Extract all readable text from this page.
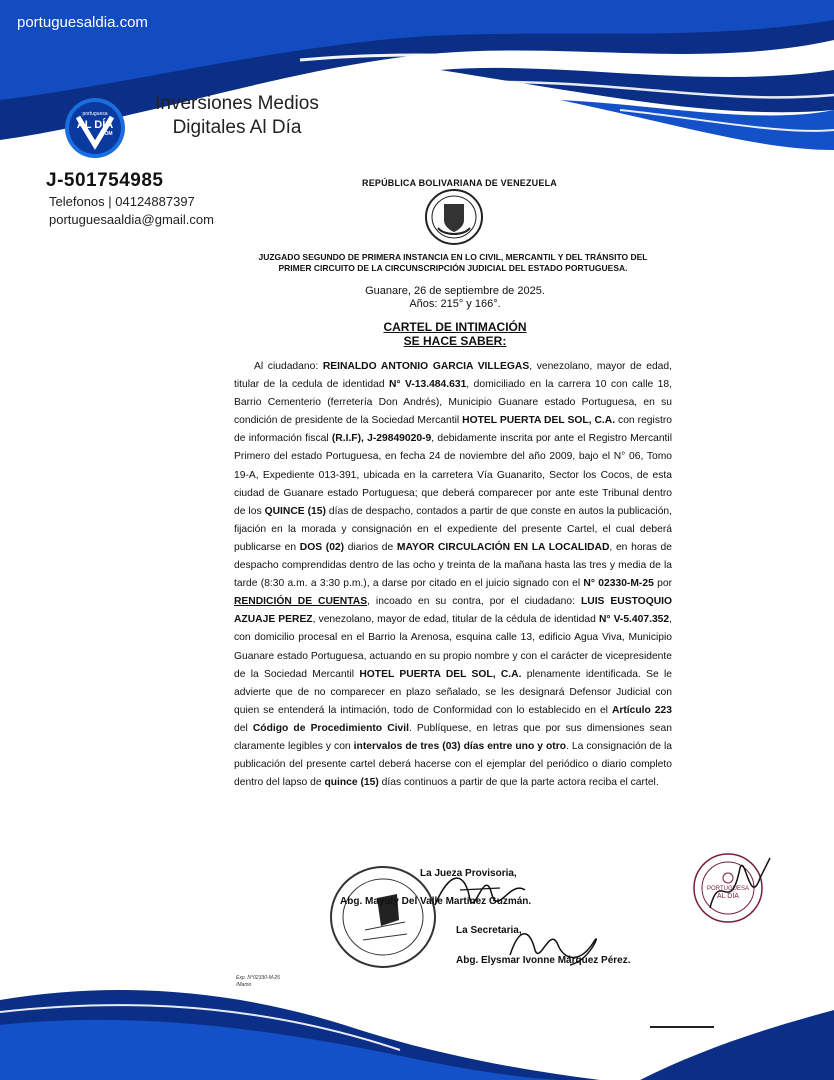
portuguesaldia.com
portuguesa
AL DÍA
.COM
Inversiones Medios
Digitales Al Día
J-501754985
Telefonos | 04124887397
portuguesaaldia@gmail.com
REPÚBLICA BOLIVARIANA DE VENEZUELA
JUZGADO SEGUNDO DE PRIMERA INSTANCIA EN LO CIVIL, MERCANTIL Y DEL TRÁNSITO DEL
PRIMER CIRCUITO DE LA CIRCUNSCRIPCIÓN JUDICIAL DEL ESTADO PORTUGUESA.
Guanare, 26 de septiembre de 2025.
Años: 215° y 166°.
CARTEL DE INTIMACIÓN
SE HACE SABER:
Al ciudadano: REINALDO ANTONIO GARCIA VILLEGAS, venezolano, mayor de edad, titular de la cedula de identidad N° V-13.484.631, domiciliado en la carrera 10 con calle 18, Barrio Cementerio (ferretería Don Andrés), Municipio Guanare estado Portuguesa, en su condición de presidente de la Sociedad Mercantil HOTEL PUERTA DEL SOL, C.A. con registro de información fiscal (R.I.F), J-29849020-9, debidamente inscrita por ante el Registro Mercantil Primero del estado Portuguesa, en fecha 24 de noviembre del año 2009, bajo el N° 06, Tomo 19-A, Expediente 013-391, ubicada en la carretera Vía Guanarito, Sector los Cocos, de esta ciudad de Guanare estado Portuguesa; que deberá comparecer por ante este Tribunal dentro de los QUINCE (15) días de despacho, contados a partir de que conste en autos la publicación, fijación en la morada y consignación en el expediente del presente Cartel, el cual deberá publicarse en DOS (02) diarios de MAYOR CIRCULACIÓN EN LA LOCALIDAD, en horas de despacho comprendidas dentro de las ocho y treinta de la mañana hasta las tres y media de la tarde (8:30 a.m. a 3:30 p.m.), a darse por citado en el juicio signado con el N° 02330-M-25 por RENDICIÓN DE CUENTAS, incoado en su contra, por el ciudadano: LUIS EUSTOQUIO AZUAJE PEREZ, venezolano, mayor de edad, titular de la cédula de identidad N° V-5.407.352, con domicilio procesal en el Barrio la Arenosa, esquina calle 13, edificio Agua Viva, Municipio Guanare estado Portuguesa, actuando en su propio nombre y con el carácter de vicepresidente de la Sociedad Mercantil HOTEL PUERTA DEL SOL, C.A. plenamente identificada. Se le advierte que de no comparecer en plazo señalado, se les designará Defensor Judicial con quien se entenderá la intimación, todo de Conformidad con lo establecido en el Artículo 223 del Código de Procedimiento Civil. Publíquese, en letras que por sus dimensiones sean claramente legibles y con intervalos de tres (03) días entre uno y otro. La consignación de la publicación del presente cartel deberá hacerse con el ejemplar del periódico o diario completo dentro del lapso de quince (15) días continuos a partir de que la parte actora reciba el cartel.
La Jueza Provisoria,
Abg. Mayuly Del Valle Martínez Guzmán.
La Secretaria,
Abg. Elysmar Ivonne Márquez Pérez.
Exp. N°02330-M-25
/Mamo
PORTUGUESA
AL DÍA
